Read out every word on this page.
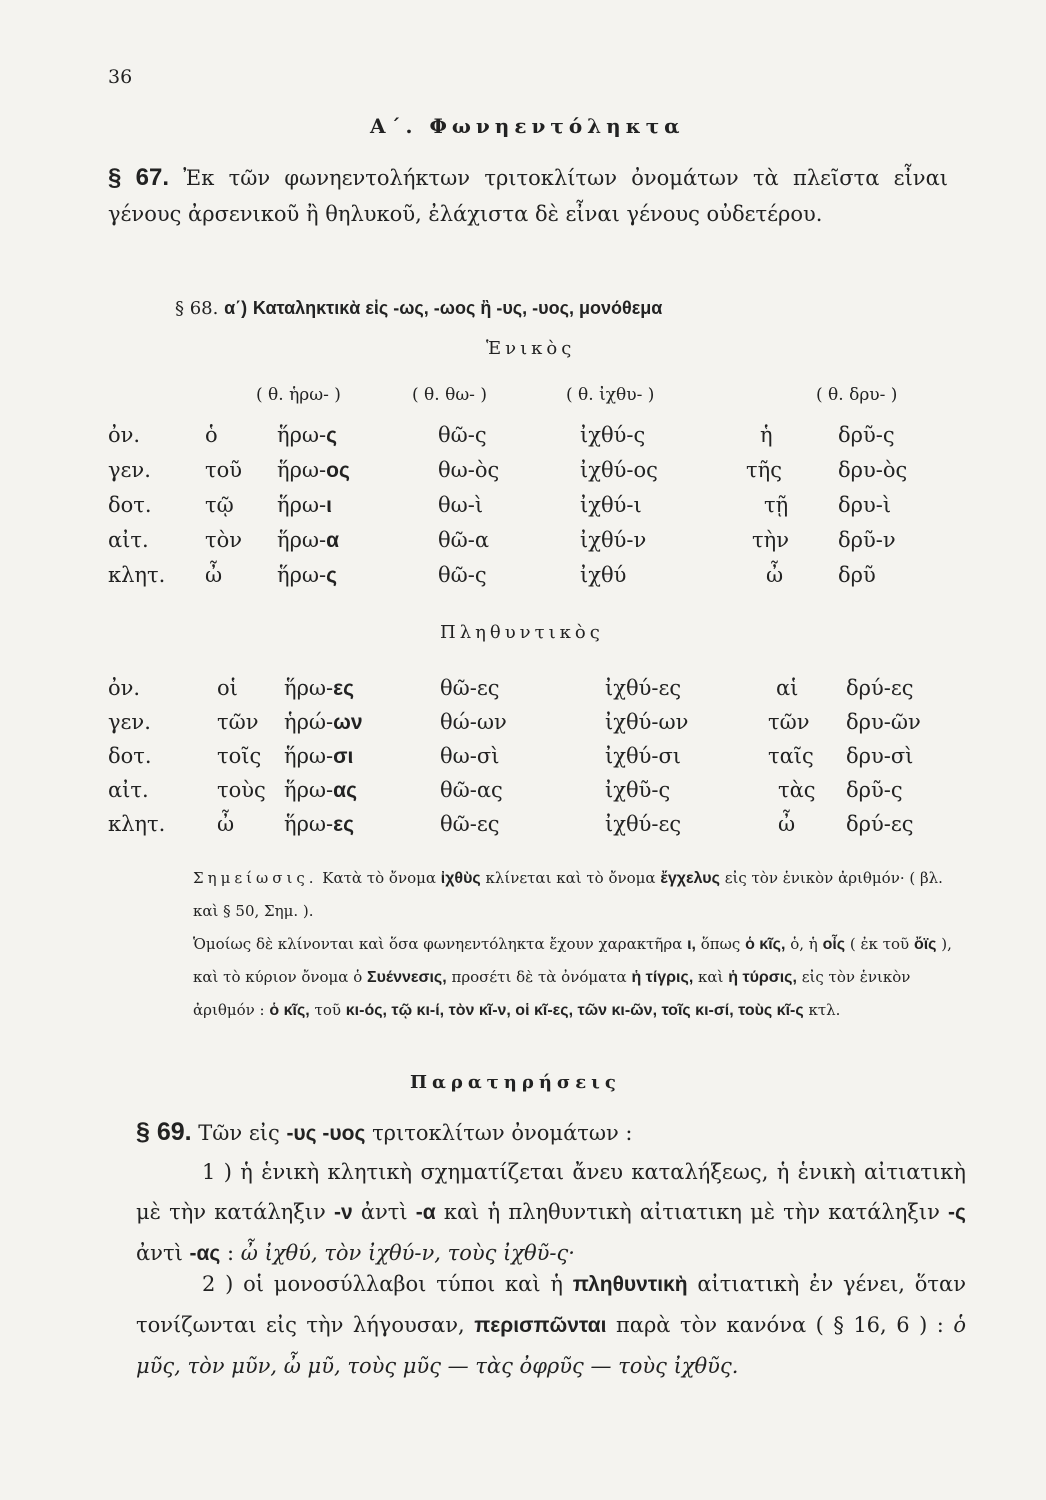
36
Α΄. Φωνηεντόληκτα
§ 67. Ἐκ τῶν φωνηεντολήκτων τριτοκλίτων ὀνομάτων τὰ πλεῖστα εἶναι γένους ἀρσενικοῦ ἢ θηλυκοῦ, ἐλάχιστα δὲ εἶναι γένους οὐδετέρου.
§ 68. α΄) Καταληκτικὰ εἰς -ως, -ωος ἢ -υς, -υος, μονόθεμα
Ἑνικὸς
( θ. ἡρω- )	( θ. θω- )	( θ. ἰχθυ- )	( θ. δρυ- )
ὀν.	ὁ	ἥρω-ς	θῶ-ς	ἰχθύ-ς	ἡ	δρῦ-ς
γεν.	τοῦ ἥρω-ος	θω-ὸς	ἰχθύ-ος	τῆς	δρυ-ὸς
δοτ.	τῷ ἥρω-ι	θω-ὶ	ἰχθύ-ι	τῇ δρυ-ὶ
αἰτ.	τὸν ἥρω-α	θῶ-α	ἰχθύ-ν	τὴν δρῦ-ν
κλητ. ὦ	ἥρω-ς	θῶ-ς	ἰχθύ	ὦ	δρῦ
Πληθυντικὸς
ὀν.	οἱ ἥρω-ες	θῶ-ες	ἰχθύ-ες	αἱ δρύ-ες
γεν.	τῶν ἡρώ-ων	θώ-ων	ἰχθύ-ων	τῶν δρυ-ῶν
δοτ.	τοῖς ἥρω-σι	θω-σὶ	ἰχθύ-σι	ταῖς δρυ-σὶ
αἰτ.	τοὺς ἥρω-ας	θῶ-ας	ἰχθῦ-ς	τὰς δρῦ-ς
κλητ. ὦ ἥρω-ες	θῶ-ες	ἰχθύ-ες	ὦ δρύ-ες
Σημείωσις. Κατὰ τὸ ὄνομα ἰχθὺς κλίνεται καὶ τὸ ὄνομα ἔγχελυς εἰς τὸν ἑνικὸν ἀριθμόν· ( βλ. καὶ § 50, Σημ. ).
Ὁμοίως δὲ κλίνονται καὶ ὅσα φωνηεντόληκτα ἔχουν χαρακτῆρα ι, ὅπως ὁ κῖς, ὁ, ἡ οἶς ( ἐκ τοῦ ὄϊς ), καὶ τὸ κύριον ὄνομα ὁ Συέννεσις, προσέτι δὲ τὰ ὀνόματα ἡ τίγρις, καὶ ἡ τύρσις, εἰς τὸν ἑνικὸν ἀριθμόν : ὁ κῖς, τοῦ κι-ός, τῷ κι-ί, τὸν κῖ-ν, οἱ κῖ-ες, τῶν κι-ῶν, τοῖς κι-σί, τοὺς κῖ-ς κτλ.
Παρατηρήσεις
§ 69. Τῶν εἰς -υς -υος τριτοκλίτων ὀνομάτων :
1 ) ἡ ἑνικὴ κλητικὴ σχηματίζεται ἄνευ καταλήξεως, ἡ ἑνικὴ αἰτιατικὴ μὲ τὴν κατάληξιν -ν ἀντὶ -α καὶ ἡ πληθυντικὴ αἰτιατικη μὲ τὴν κατάληξιν -ς ἀντὶ -ας : ὦ ἰχθύ, τὸν ἰχθύ-ν, τοὺς ἰχθῦ-ς·
2 ) οἱ μονοσύλλαβοι τύποι καὶ ἡ πληθυντικὴ αἰτιατικὴ ἐν γένει, ὅταν τονίζωνται εἰς τὴν λήγουσαν, περισπῶνται παρὰ τὸν κανόνα ( § 16, 6 ) : ὁ μῦς, τὸν μῦν, ὦ μῦ, τοὺς μῦς — τὰς ὀφρῦς — τοὺς ἰχθῦς.
